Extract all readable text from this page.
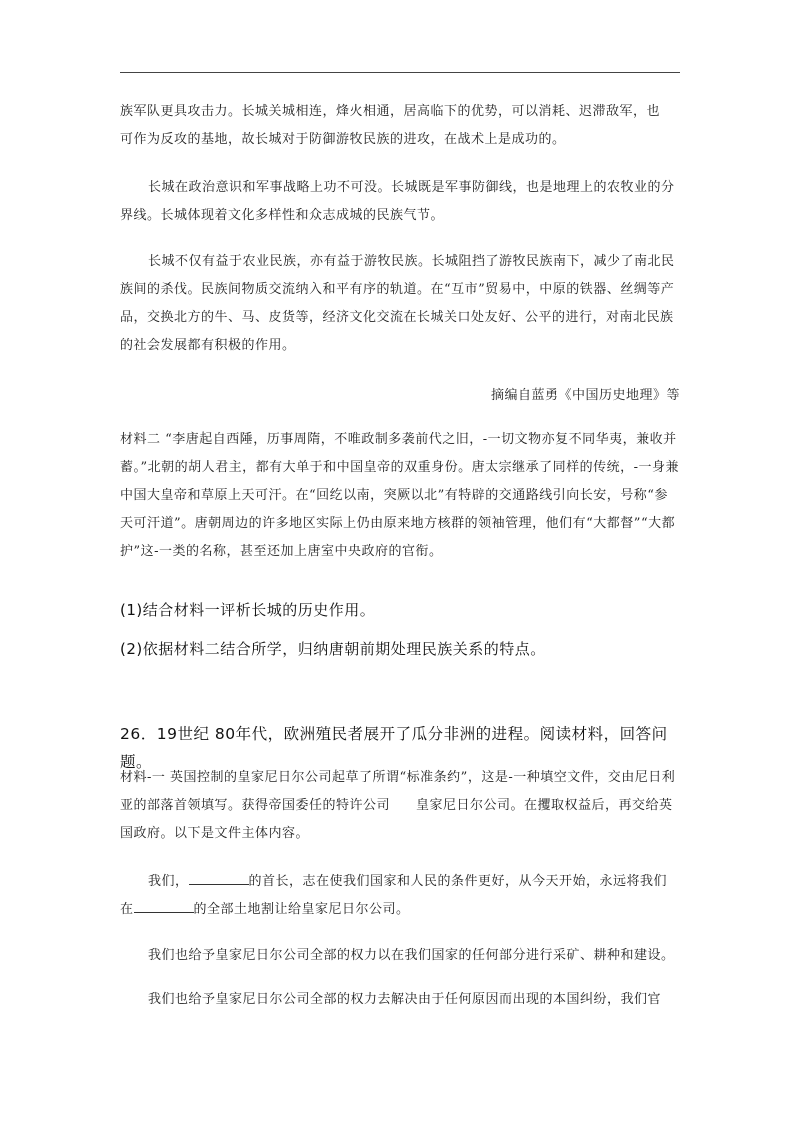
族军队更具攻击力。长城关城相连，烽火相通，居高临下的优势，可以消耗、迟滞敌军，也
可作为反攻的基地，故长城对于防御游牧民族的进攻，在战术上是成功的。
长城在政治意识和军事战略上功不可没。长城既是军事防御线，也是地理上的农牧业的分界线。长城体现着文化多样性和众志成城的民族气节。
长城不仅有益于农业民族，亦有益于游牧民族。长城阻挡了游牧民族南下，减少了南北民族间的杀伐。民族间物质交流纳入和平有序的轨道。在“互市”贸易中，中原的铁器、丝绸等产品，交换北方的牛、马、皮货等，经济文化交流在长城关口处友好、公平的进行，对南北民族的社会发展都有积极的作用。
摘编自蓝勇《中国历史地理》等
材料二 “李唐起自西陲，历事周隋，不唯政制多袭前代之旧，-一切文物亦复不同华夷，兼收并蓄。”北朝的胡人君主，都有大单于和中国皇帝的双重身份。唐太宗继承了同样的传统，-一身兼中国大皇帝和草原上天可汗。在“回纥以南，突厥以北”有特辟的交通路线引向长安，号称“参天可汗道”。唐朝周边的许多地区实际上仍由原来地方核群的领袖管理，他们有“大都督”“大都护”这-一类的名称，甚至还加上唐室中央政府的官衔。
(1)结合材料一评析长城的历史作用。
(2)依据材料二结合所学，归纳唐朝前期处理民族关系的特点。
26．19世纪 80年代，欧洲殖民者展开了瓜分非洲的进程。阅读材料，回答问题。
材料-一 英国控制的皇家尼日尔公司起草了所谓“标准条约”，这是-一种填空文件，交由尼日利亚的部落首领填写。获得帝国委任的特许公司 皇家尼日尔公司。在攫取权益后，再交给英国政府。以下是文件主体内容。
我们，	的首长，志在使我们国家和人民的条件更好，从今天开始，永远将我们在	的全部土地割让给皇家尼日尔公司。
我们也给予皇家尼日尔公司全部的权力以在我们国家的任何部分进行采矿、耕种和建设。
我们也给予皇家尼日尔公司全部的权力去解决由于任何原因而出现的本国纠纷，我们官
